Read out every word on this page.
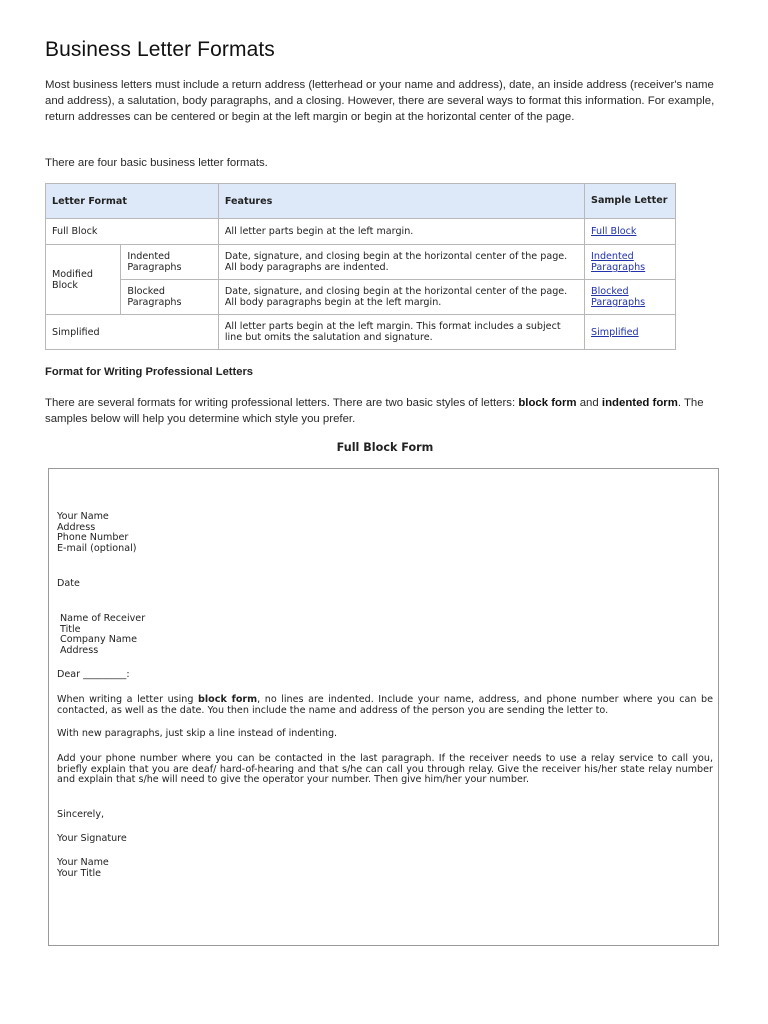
Business Letter Formats

Most business letters must include a return address (letterhead or your name and address), date, an inside address (receiver's name and address), a salutation, body paragraphs, and a closing. However, there are several ways to format this information. For example, return addresses can be centered or begin at the left margin or begin at the horizontal center of the page.

There are four basic business letter formats.

Letter Format		Features	Sample Letter
Full Block		All letter parts begin at the left margin.	Full Block
Modified Block	Indented Paragraphs	Date, signature, and closing begin at the horizontal center of the page. All body paragraphs are indented.	Indented Paragraphs
	Blocked Paragraphs	Date, signature, and closing begin at the horizontal center of the page. All body paragraphs begin at the left margin.	Blocked Paragraphs
Simplified		All letter parts begin at the left margin. This format includes a subject line but omits the salutation and signature.	Simplified

Format for Writing Professional Letters

There are several formats for writing professional letters. There are two basic styles of letters: block form and indented form. The samples below will help you determine which style you prefer.

Full Block Form

Your Name
Address
Phone Number
E-mail (optional)
Date
Name of Receiver
Title
Company Name
Address
Dear _________:
When writing a letter using block form, no lines are indented. Include your name, address, and phone number where you can be contacted, as well as the date. You then include the name and address of the person you are sending the letter to.
With new paragraphs, just skip a line instead of indenting.
Add your phone number where you can be contacted in the last paragraph. If the receiver needs to use a relay service to call you, briefly explain that you are deaf/ hard-of-hearing and that s/he can call you through relay. Give the receiver his/her state relay number and explain that s/he will need to give the operator your number. Then give him/her your number.
Sincerely,
Your Signature
Your Name
Your Title
